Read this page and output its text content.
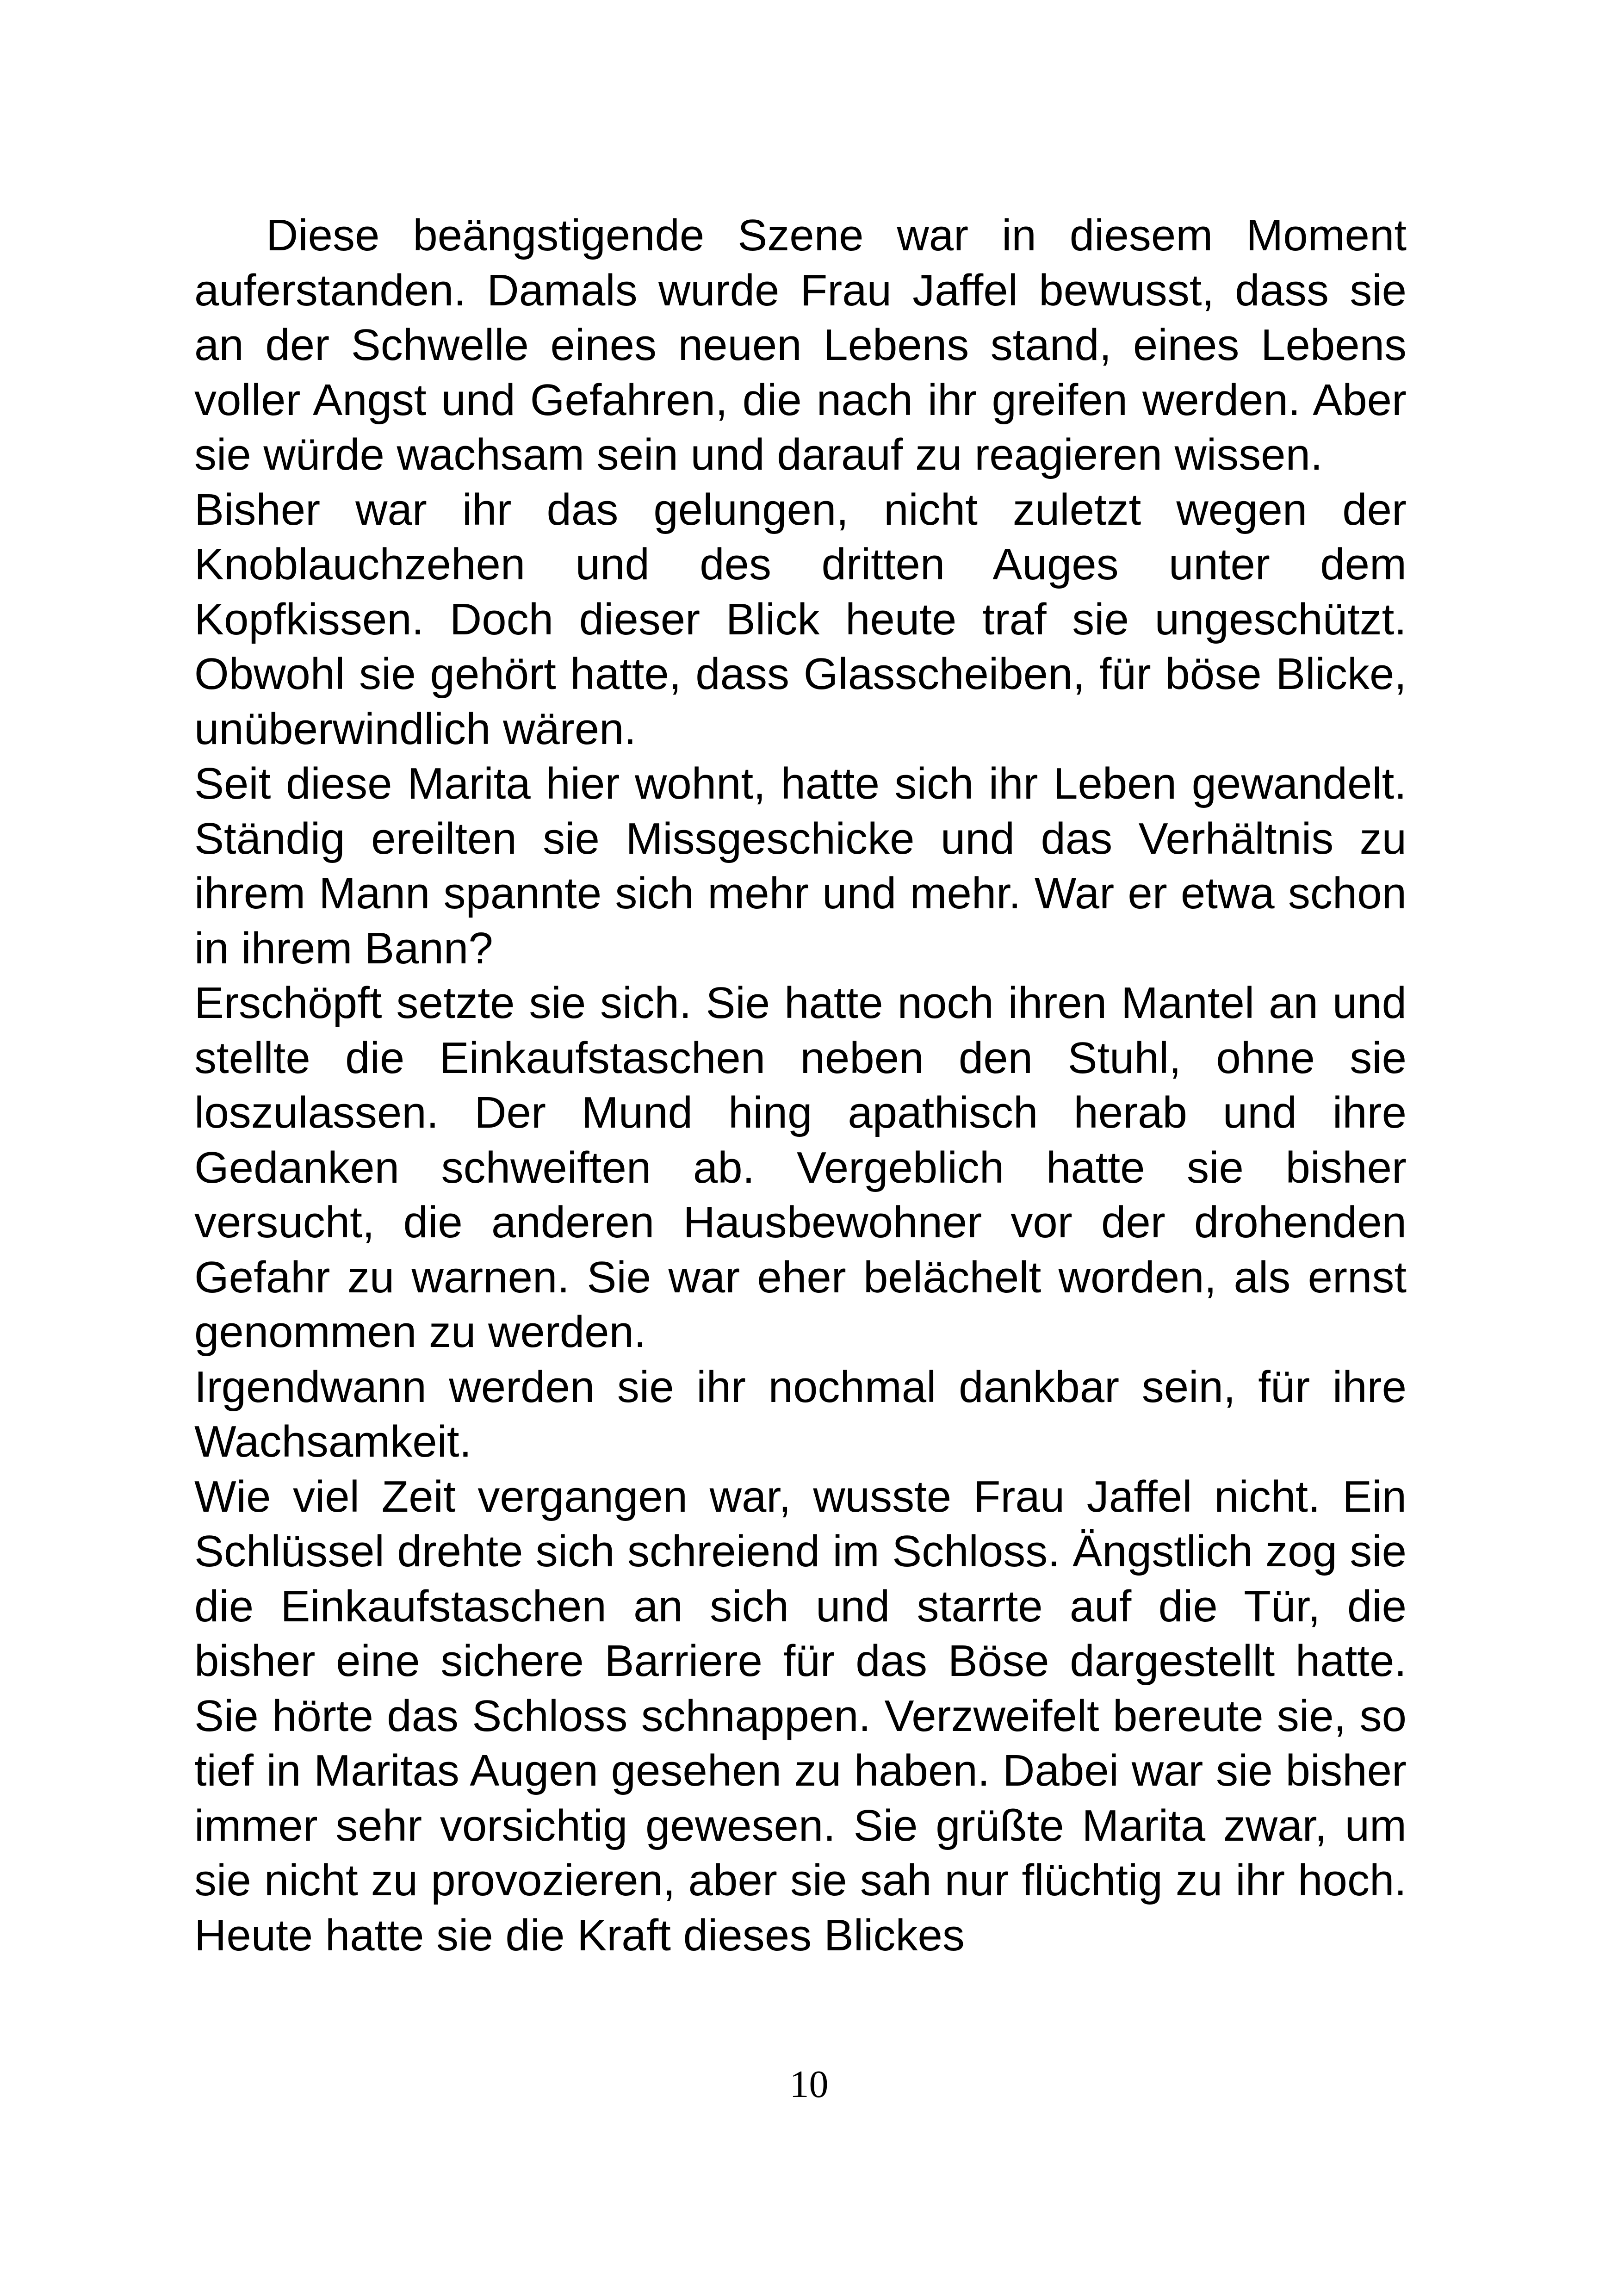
Diese beängstigende Szene war in diesem Moment auferstanden. Damals wurde Frau Jaffel bewusst, dass sie an der Schwelle eines neuen Lebens stand, eines Lebens voller Angst und Gefahren, die nach ihr greifen werden. Aber sie würde wachsam sein und darauf zu reagieren wissen.

Bisher war ihr das gelungen, nicht zuletzt wegen der Knoblauchzehen und des dritten Auges unter dem Kopfkissen. Doch dieser Blick heute traf sie ungeschützt. Obwohl sie gehört hatte, dass Glasscheiben, für böse Blicke, unüberwindlich wären.

Seit diese Marita hier wohnt, hatte sich ihr Leben gewandelt. Ständig ereilten sie Missgeschicke und das Verhältnis zu ihrem Mann spannte sich mehr und mehr. War er etwa schon in ihrem Bann?

Erschöpft setzte sie sich. Sie hatte noch ihren Mantel an und stellte die Einkaufstaschen neben den Stuhl, ohne sie loszulassen. Der Mund hing apathisch herab und ihre Gedanken schweiften ab. Vergeblich hatte sie bisher versucht, die anderen Hausbewohner vor der drohenden Gefahr zu warnen. Sie war eher belächelt worden, als ernst genommen zu werden.

Irgendwann werden sie ihr nochmal dankbar sein, für ihre Wachsamkeit.

Wie viel Zeit vergangen war, wusste Frau Jaffel nicht. Ein Schlüssel drehte sich schreiend im Schloss. Ängstlich zog sie die Einkaufstaschen an sich und starrte auf die Tür, die bisher eine sichere Barriere für das Böse dargestellt hatte. Sie hörte das Schloss schnappen. Verzweifelt bereute sie, so tief in Maritas Augen gesehen zu haben. Dabei war sie bisher immer sehr vorsichtig gewesen. Sie grüßte Marita zwar, um sie nicht zu provozieren, aber sie sah nur flüchtig zu ihr hoch. Heute hatte sie die Kraft dieses Blickes

10
